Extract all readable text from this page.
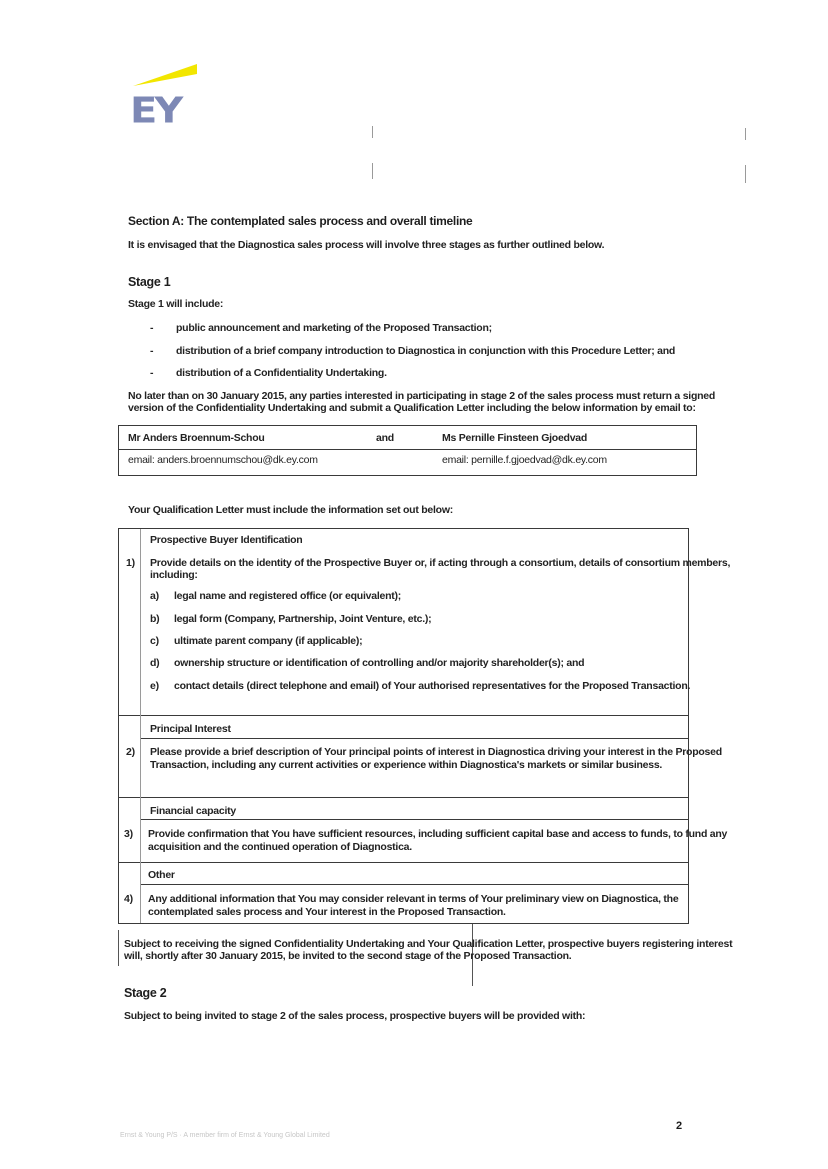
EY
Section A: The contemplated sales process and overall timeline
It is envisaged that the Diagnostica sales process will involve three stages as further outlined below.
Stage 1
Stage 1 will include:
- public announcement and marketing of the Proposed Transaction;
- distribution of a brief company introduction to Diagnostica in conjunction with this Procedure Letter; and
- distribution of a Confidentiality Undertaking.
No later than on 30 January 2015, any parties interested in participating in stage 2 of the sales process must return a signed
version of the Confidentiality Undertaking and submit a Qualification Letter including the below information by email to:
Mr Anders Broennum-Schou	and	Ms Pernille Finsteen Gjoedvad
email: anders.broennumschou@dk.ey.com	email: pernille.f.gjoedvad@dk.ey.com
Your Qualification Letter must include the information set out below:
Prospective Buyer Identification
1) Provide details on the identity of the Prospective Buyer or, if acting through a consortium, details of consortium members,
including:
a) legal name and registered office (or equivalent);
b) legal form (Company, Partnership, Joint Venture, etc.);
c) ultimate parent company (if applicable);
d) ownership structure or identification of controlling and/or majority shareholder(s); and
e) contact details (direct telephone and email) of Your authorised representatives for the Proposed Transaction.
Principal Interest
2) Please provide a brief description of Your principal points of interest in Diagnostica driving your interest in the Proposed
Transaction, including any current activities or experience within Diagnostica's markets or similar business.
Financial capacity
3) Provide confirmation that You have sufficient resources, including sufficient capital base and access to funds, to fund any
acquisition and the continued operation of Diagnostica.
Other
4) Any additional information that You may consider relevant in terms of Your preliminary view on Diagnostica, the
contemplated sales process and Your interest in the Proposed Transaction.
Subject to receiving the signed Confidentiality Undertaking and Your Qualification Letter, prospective buyers registering interest
will, shortly after 30 January 2015, be invited to the second stage of the Proposed Transaction.
Stage 2
Subject to being invited to stage 2 of the sales process, prospective buyers will be provided with:
Ernst & Young P/S · A member firm of Ernst & Young Global Limited
2
